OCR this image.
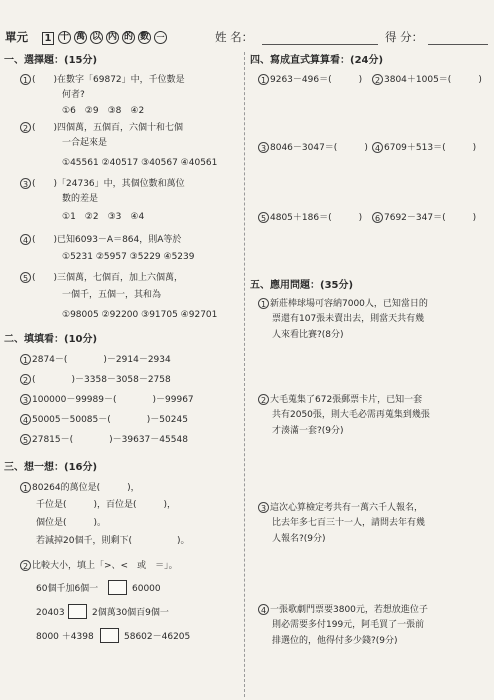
單元 1 十 萬 以 內 的 數 一	姓 名：	得 分：
一、選擇題：(15分)
1 (　　)在數字「69872」中，千位數是
何者?
①6　②9　③8　④2
2 (　　)四個萬，五個百，六個十和七個
一合起來是
①45561 ②40517 ③40567 ④40561
3 (　　)「24736」中，其個位數和萬位
數的差是
①1　②2　③3　④4
4 (　　)已知6093－A＝864，則A等於
①5231 ②5957 ③5229 ④5239
5 (　　)三個萬，七個百，加上六個萬，
一個千，五個一，其和為
①98005 ②92200 ③91705 ④92701
二、填填看：(10分)
1 2874－(　　　　)－2914－2934
2 (　　　　)－3358－3058－2758
3 100000－99989－(　　　　)－99967
4 50005－50085－(　　　　)－50245
5 27815－(　　　　)－39637－45548
三、想一想：(16分)
1 80264的萬位是(　　　)，
千位是(　　　)，百位是(　　　)，
個位是(　　　)。
若減掉20個千，則剩下(　　　　　)。
2 比較大小，填上「>、<　或　＝」。
60個千加6個一	60000
20403	2個萬30個百9個一
8000 ＋4398	58602－46205
四、寫成直式算算看：(24分)
1 9263－496＝(　　　)	2 3804＋1005＝(　　　)
3 8046－3047＝(　　　) 4 6709＋513＝(　　　)
5 4805＋186＝(　　　)	6 7692－347＝(　　　)
五、應用問題：(35分)
1 新莊棒球場可容納7000人，已知當日的
票還有107張未賣出去，則當天共有幾
人來看比賽?(8分)
2 大毛蒐集了672張郵票卡片，已知一套
共有2050張，則大毛必需再蒐集到幾張
才湊滿一套?(9分)
3 這次心算檢定考共有一萬六千人報名，
比去年多七百三十一人，請問去年有幾
人報名?(9分)
4 一張歌劇門票要3800元，若想放進位子
則必需要多付199元，阿毛買了一張前
排選位的，他得付多少錢?(9分)
